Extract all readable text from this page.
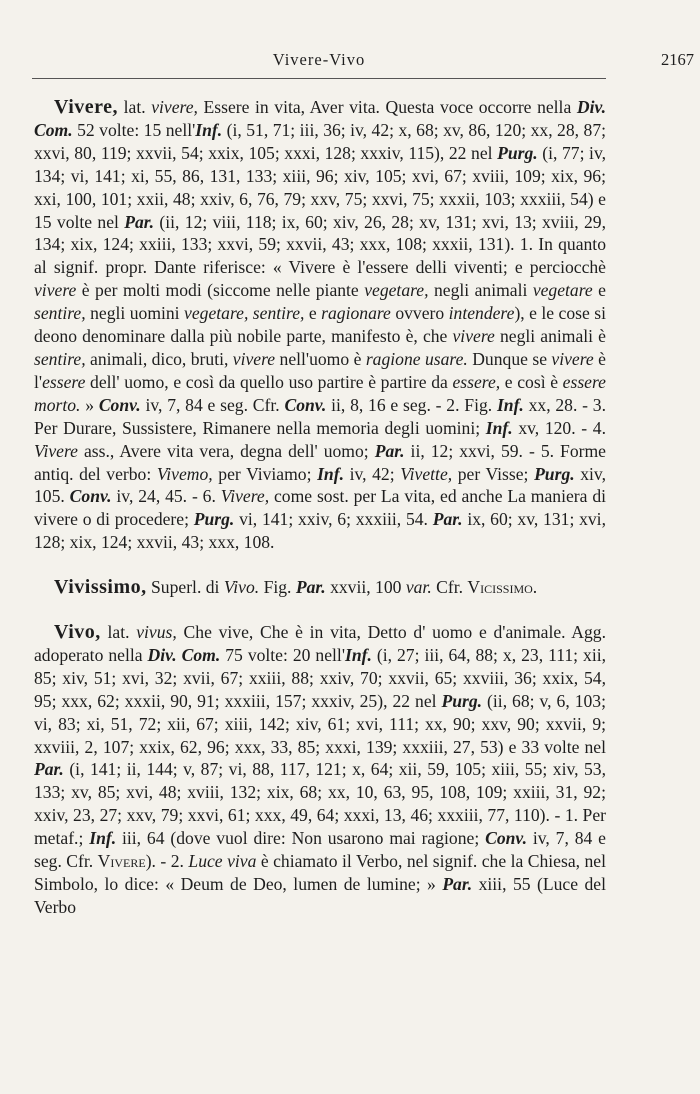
Vivere-Vivo	2167

Vivere, lat. vivere, Essere in vita, Aver vita. Questa voce occorre nella Div. Com. 52 volte: 15 nell'Inf. (i, 51, 71; iii, 36; iv, 42; x, 68; xv, 86, 120; xx, 28, 87; xxvi, 80, 119; xxvii, 54; xxix, 105; xxxi, 128; xxxiv, 115), 22 nel Purg. (i, 77; iv, 134; vi, 141; xi, 55, 86, 131, 133; xiii, 96; xiv, 105; xvi, 67; xviii, 109; xix, 96; xxi, 100, 101; xxii, 48; xxiv, 6, 76, 79; xxv, 75; xxvi, 75; xxxii, 103; xxxiii, 54) e 15 volte nel Par. (ii, 12; viii, 118; ix, 60; xiv, 26, 28; xv, 131; xvi, 13; xviii, 29, 134; xix, 124; xxiii, 133; xxvi, 59; xxvii, 43; xxx, 108; xxxii, 131). 1. In quanto al signif. propr. Dante riferisce: « Vivere è l'essere delli viventi; e perciocchè vivere è per molti modi (siccome nelle piante vegetare, negli animali vegetare e sentire, negli uomini vegetare, sentire, e ragionare ovvero intendere), e le cose si deono denominare dalla più nobile parte, manifesto è, che vivere negli animali è sentire, animali, dico, bruti, vivere nell'uomo è ragione usare. Dunque se vivere è l'essere dell' uomo, e così da quello uso partire è partire da essere, e così è essere morto. » Conv. iv, 7, 84 e seg. Cfr. Conv. ii, 8, 16 e seg. - 2. Fig. Inf. xx, 28. - 3. Per Durare, Sussistere, Rimanere nella memoria degli uomini; Inf. xv, 120. - 4. Vivere ass., Avere vita vera, degna dell' uomo; Par. ii, 12; xxvi, 59. - 5. Forme antiq. del verbo: Vivemo, per Viviamo; Inf. iv, 42; Vivette, per Visse; Purg. xiv, 105. Conv. iv, 24, 45. - 6. Vivere, come sost. per La vita, ed anche La maniera di vivere o di procedere; Purg. vi, 141; xxiv, 6; xxxiii, 54. Par. ix, 60; xv, 131; xvi, 128; xix, 124; xxvii, 43; xxx, 108.

Vivissimo, Superl. di Vivo. Fig. Par. xxvii, 100 var. Cfr. Vicissimo.

Vivo, lat. vivus, Che vive, Che è in vita, Detto d' uomo e d'animale. Agg. adoperato nella Div. Com. 75 volte: 20 nell'Inf. (i, 27; iii, 64, 88; x, 23, 111; xii, 85; xiv, 51; xvi, 32; xvii, 67; xxiii, 88; xxiv, 70; xxvii, 65; xxviii, 36; xxix, 54, 95; xxx, 62; xxxii, 90, 91; xxxiii, 157; xxxiv, 25), 22 nel Purg. (ii, 68; v, 6, 103; vi, 83; xi, 51, 72; xii, 67; xiii, 142; xiv, 61; xvi, 111; xx, 90; xxv, 90; xxvii, 9; xxviii, 2, 107; xxix, 62, 96; xxx, 33, 85; xxxi, 139; xxxiii, 27, 53) e 33 volte nel Par. (i, 141; ii, 144; v, 87; vi, 88, 117, 121; x, 64; xii, 59, 105; xiii, 55; xiv, 53, 133; xv, 85; xvi, 48; xviii, 132; xix, 68; xx, 10, 63, 95, 108, 109; xxiii, 31, 92; xxiv, 23, 27; xxv, 79; xxvi, 61; xxx, 49, 64; xxxi, 13, 46; xxxiii, 77, 110). - 1. Per metaf.; Inf. iii, 64 (dove vuol dire: Non usarono mai ragione; Conv. iv, 7, 84 e seg. Cfr. Vivere). - 2. Luce viva è chiamato il Verbo, nel signif. che la Chiesa, nel Simbolo, lo dice: « Deum de Deo, lumen de lumine; » Par. xiii, 55 (Luce del Verbo
